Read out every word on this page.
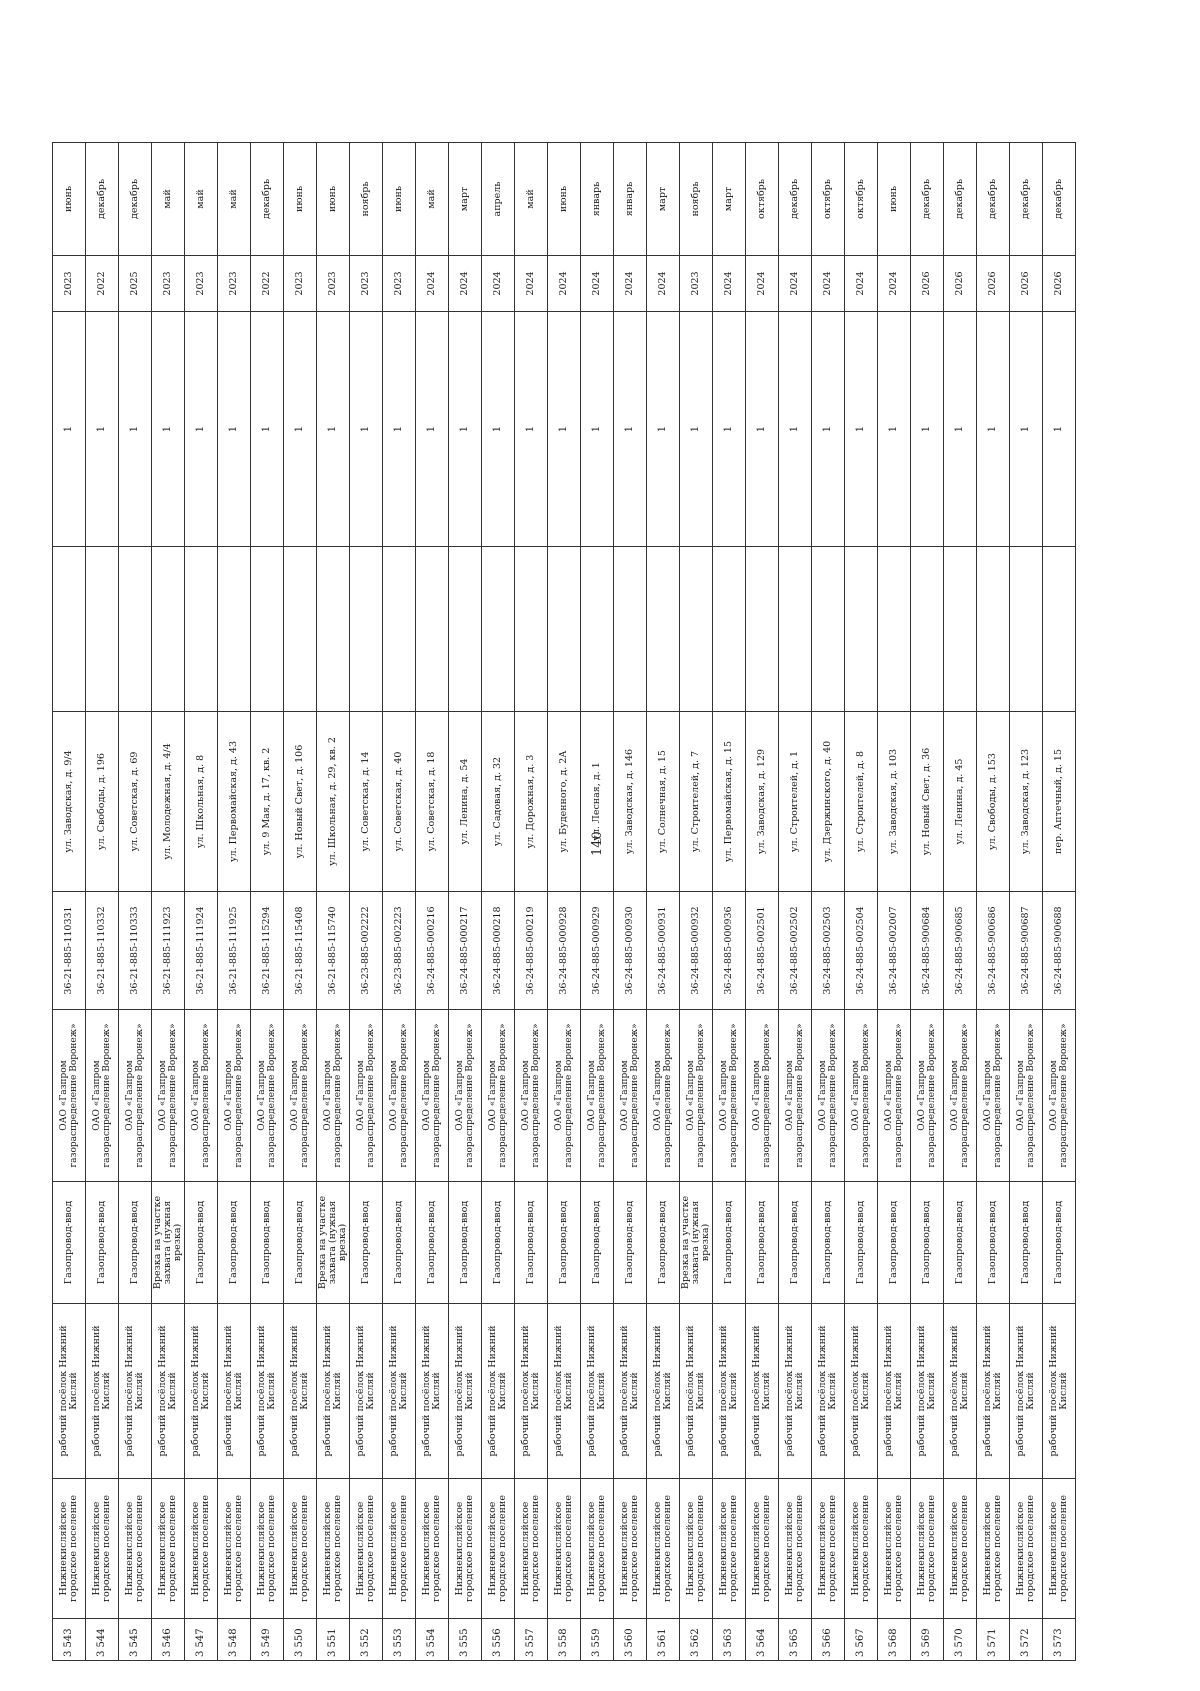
140
3 543	Нижнекисляйское городское поселение	рабочий посёлок Нижний Кисляй	Газопровод-ввод	ОАО «Газпром газораспределение Воронеж»	36-21-885-110331	ул. Заводская, д. 9/4		1	2023	июнь
3 544	Нижнекисляйское городское поселение	рабочий посёлок Нижний Кисляй	Газопровод-ввод	ОАО «Газпром газораспределение Воронеж»	36-21-885-110332	ул. Свободы, д. 196		1	2022	декабрь
3 545	Нижнекисляйское городское поселение	рабочий посёлок Нижний Кисляй	Газопровод-ввод	ОАО «Газпром газораспределение Воронеж»	36-21-885-110333	ул. Советская, д. 69		1	2025	декабрь
3 546	Нижнекисляйское городское поселение	рабочий посёлок Нижний Кисляй	Врезка на участке захвата (нужная врезка)	ОАО «Газпром газораспределение Воронеж»	36-21-885-111923	ул. Молодежная, д. 4/4		1	2023	май
3 547	Нижнекисляйское городское поселение	рабочий посёлок Нижний Кисляй	Газопровод-ввод	ОАО «Газпром газораспределение Воронеж»	36-21-885-111924	ул. Школьная, д. 8		1	2023	май
3 548	Нижнекисляйское городское поселение	рабочий посёлок Нижний Кисляй	Газопровод-ввод	ОАО «Газпром газораспределение Воронеж»	36-21-885-111925	ул. Первомайская, д. 43		1	2023	май
3 549	Нижнекисляйское городское поселение	рабочий посёлок Нижний Кисляй	Газопровод-ввод	ОАО «Газпром газораспределение Воронеж»	36-21-885-115294	ул. 9 Мая, д. 17, кв. 2		1	2022	декабрь
3 550	Нижнекисляйское городское поселение	рабочий посёлок Нижний Кисляй	Газопровод-ввод	ОАО «Газпром газораспределение Воронеж»	36-21-885-115408	ул. Новый Свет, д. 106		1	2023	июнь
3 551	Нижнекисляйское городское поселение	рабочий посёлок Нижний Кисляй	Врезка на участке захвата (нужная врезка)	ОАО «Газпром газораспределение Воронеж»	36-21-885-115740	ул. Школьная, д. 29, кв. 2		1	2023	июнь
3 552	Нижнекисляйское городское поселение	рабочий посёлок Нижний Кисляй	Газопровод-ввод	ОАО «Газпром газораспределение Воронеж»	36-23-885-002222	ул. Советская, д. 14		1	2023	ноябрь
3 553	Нижнекисляйское городское поселение	рабочий посёлок Нижний Кисляй	Газопровод-ввод	ОАО «Газпром газораспределение Воронеж»	36-23-885-002223	ул. Советская, д. 40		1	2023	июнь
3 554	Нижнекисляйское городское поселение	рабочий посёлок Нижний Кисляй	Газопровод-ввод	ОАО «Газпром газораспределение Воронеж»	36-24-885-000216	ул. Советская, д. 18		1	2024	май
3 555	Нижнекисляйское городское поселение	рабочий посёлок Нижний Кисляй	Газопровод-ввод	ОАО «Газпром газораспределение Воронеж»	36-24-885-000217	ул. Ленина, д. 54		1	2024	март
3 556	Нижнекисляйское городское поселение	рабочий посёлок Нижний Кисляй	Газопровод-ввод	ОАО «Газпром газораспределение Воронеж»	36-24-885-000218	ул. Садовая, д. 32		1	2024	апрель
3 557	Нижнекисляйское городское поселение	рабочий посёлок Нижний Кисляй	Газопровод-ввод	ОАО «Газпром газораспределение Воронеж»	36-24-885-000219	ул. Дорожная, д. 3		1	2024	май
3 558	Нижнекисляйское городское поселение	рабочий посёлок Нижний Кисляй	Газопровод-ввод	ОАО «Газпром газораспределение Воронеж»	36-24-885-000928	ул. Буденного, д. 2А		1	2024	июнь
3 559	Нижнекисляйское городское поселение	рабочий посёлок Нижний Кисляй	Газопровод-ввод	ОАО «Газпром газораспределение Воронеж»	36-24-885-000929	ул. Лесная, д. 1		1	2024	январь
3 560	Нижнекисляйское городское поселение	рабочий посёлок Нижний Кисляй	Газопровод-ввод	ОАО «Газпром газораспределение Воронеж»	36-24-885-000930	ул. Заводская, д. 146		1	2024	январь
3 561	Нижнекисляйское городское поселение	рабочий посёлок Нижний Кисляй	Газопровод-ввод	ОАО «Газпром газораспределение Воронеж»	36-24-885-000931	ул. Солнечная, д. 15		1	2024	март
3 562	Нижнекисляйское городское поселение	рабочий посёлок Нижний Кисляй	Врезка на участке захвата (нужная врезка)	ОАО «Газпром газораспределение Воронеж»	36-24-885-000932	ул. Строителей, д. 7		1	2023	ноябрь
3 563	Нижнекисляйское городское поселение	рабочий посёлок Нижний Кисляй	Газопровод-ввод	ОАО «Газпром газораспределение Воронеж»	36-24-885-000936	ул. Первомайская, д. 15		1	2024	март
3 564	Нижнекисляйское городское поселение	рабочий посёлок Нижний Кисляй	Газопровод-ввод	ОАО «Газпром газораспределение Воронеж»	36-24-885-002501	ул. Заводская, д. 129		1	2024	октябрь
3 565	Нижнекисляйское городское поселение	рабочий посёлок Нижний Кисляй	Газопровод-ввод	ОАО «Газпром газораспределение Воронеж»	36-24-885-002502	ул. Строителей, д. 1		1	2024	декабрь
3 566	Нижнекисляйское городское поселение	рабочий посёлок Нижний Кисляй	Газопровод-ввод	ОАО «Газпром газораспределение Воронеж»	36-24-885-002503	ул. Дзержинского, д. 40		1	2024	октябрь
3 567	Нижнекисляйское городское поселение	рабочий посёлок Нижний Кисляй	Газопровод-ввод	ОАО «Газпром газораспределение Воронеж»	36-24-885-002504	ул. Строителей, д. 8		1	2024	октябрь
3 568	Нижнекисляйское городское поселение	рабочий посёлок Нижний Кисляй	Газопровод-ввод	ОАО «Газпром газораспределение Воронеж»	36-24-885-002007	ул. Заводская, д. 103		1	2024	июнь
3 569	Нижнекисляйское городское поселение	рабочий посёлок Нижний Кисляй	Газопровод-ввод	ОАО «Газпром газораспределение Воронеж»	36-24-885-900684	ул. Новый Свет, д. 36		1	2026	декабрь
3 570	Нижнекисляйское городское поселение	рабочий посёлок Нижний Кисляй	Газопровод-ввод	ОАО «Газпром газораспределение Воронеж»	36-24-885-900685	ул. Ленина, д. 45		1	2026	декабрь
3 571	Нижнекисляйское городское поселение	рабочий посёлок Нижний Кисляй	Газопровод-ввод	ОАО «Газпром газораспределение Воронеж»	36-24-885-900686	ул. Свободы, д. 153		1	2026	декабрь
3 572	Нижнекисляйское городское поселение	рабочий посёлок Нижний Кисляй	Газопровод-ввод	ОАО «Газпром газораспределение Воронеж»	36-24-885-900687	ул. Заводская, д. 123		1	2026	декабрь
3 573	Нижнекисляйское городское поселение	рабочий посёлок Нижний Кисляй	Газопровод-ввод	ОАО «Газпром газораспределение Воронеж»	36-24-885-900688	пер. Аптечный, д. 15		1	2026	декабрь
